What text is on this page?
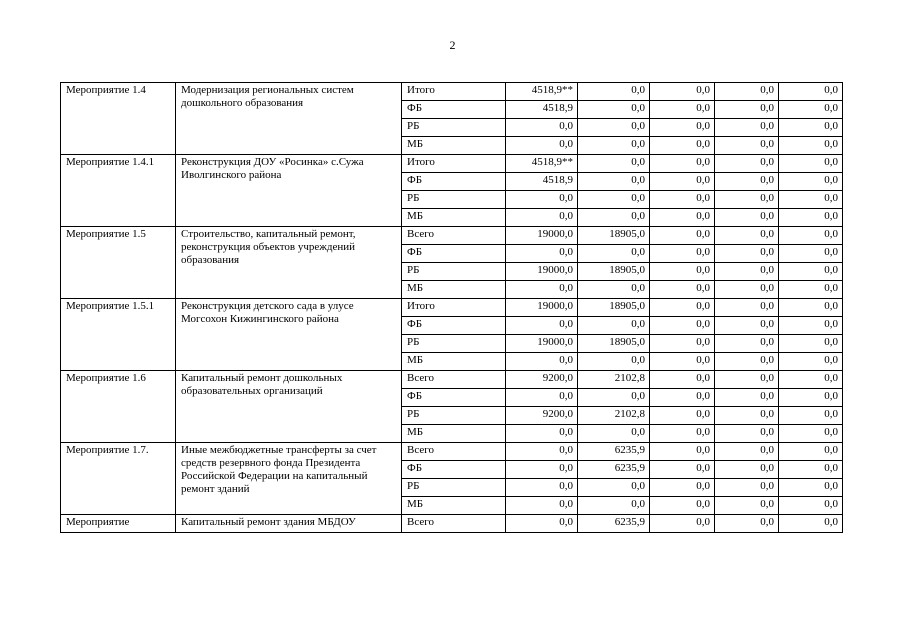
2
Мероприятие 1.4	Модернизация региональных систем дошкольного образования	Итого	4518,9**	0,0	0,0	0,0	0,0
		ФБ	4518,9	0,0	0,0	0,0	0,0
		РБ	0,0	0,0	0,0	0,0	0,0
		МБ	0,0	0,0	0,0	0,0	0,0
Мероприятие 1.4.1	Реконструкция ДОУ «Росинка» с.Сужа Иволгинского района	Итого	4518,9**	0,0	0,0	0,0	0,0
		ФБ	4518,9	0,0	0,0	0,0	0,0
		РБ	0,0	0,0	0,0	0,0	0,0
		МБ	0,0	0,0	0,0	0,0	0,0
Мероприятие 1.5	Строительство, капитальный ремонт, реконструкция объектов учреждений образования	Всего	19000,0	18905,0	0,0	0,0	0,0
		ФБ	0,0	0,0	0,0	0,0	0,0
		РБ	19000,0	18905,0	0,0	0,0	0,0
		МБ	0,0	0,0	0,0	0,0	0,0
Мероприятие 1.5.1	Реконструкция детского сада в улусе Могсохон Кижингинского района	Итого	19000,0	18905,0	0,0	0,0	0,0
		ФБ	0,0	0,0	0,0	0,0	0,0
		РБ	19000,0	18905,0	0,0	0,0	0,0
		МБ	0,0	0,0	0,0	0,0	0,0
Мероприятие 1.6	Капитальный ремонт дошкольных образовательных организаций	Всего	9200,0	2102,8	0,0	0,0	0,0
		ФБ	0,0	0,0	0,0	0,0	0,0
		РБ	9200,0	2102,8	0,0	0,0	0,0
		МБ	0,0	0,0	0,0	0,0	0,0
Мероприятие 1.7.	Иные межбюджетные трансферты за счет средств резервного фонда Президента Российской Федерации на капитальный ремонт зданий	Всего	0,0	6235,9	0,0	0,0	0,0
		ФБ	0,0	6235,9	0,0	0,0	0,0
		РБ	0,0	0,0	0,0	0,0	0,0
		МБ	0,0	0,0	0,0	0,0	0,0
Мероприятие	Капитальный ремонт здания МБДОУ	Всего	0,0	6235,9	0,0	0,0	0,0
